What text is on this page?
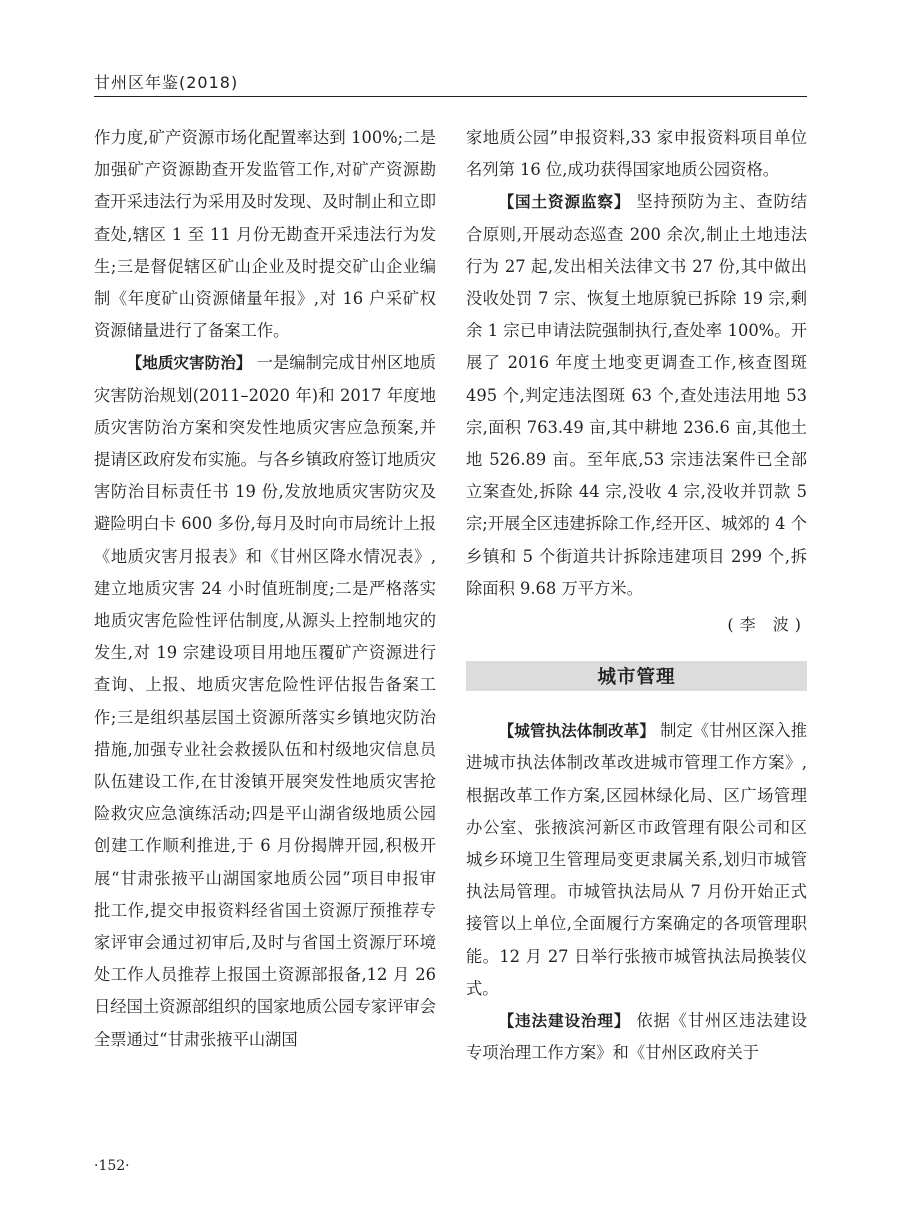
甘州区年鉴(2018)

作力度,矿产资源市场化配置率达到 100%;二是加强矿产资源勘查开发监管工作,对矿产资源勘查开采违法行为采用及时发现、及时制止和立即查处,辖区 1 至 11 月份无勘查开采违法行为发生;三是督促辖区矿山企业及时提交矿山企业编制《年度矿山资源储量年报》,对 16 户采矿权资源储量进行了备案工作。

【地质灾害防治】 一是编制完成甘州区地质灾害防治规划(2011–2020 年)和 2017 年度地质灾害防治方案和突发性地质灾害应急预案,并提请区政府发布实施。与各乡镇政府签订地质灾害防治目标责任书 19 份,发放地质灾害防灾及避险明白卡 600 多份,每月及时向市局统计上报《地质灾害月报表》和《甘州区降水情况表》,建立地质灾害 24 小时值班制度;二是严格落实地质灾害危险性评估制度,从源头上控制地灾的发生,对 19 宗建设项目用地压覆矿产资源进行查询、上报、地质灾害危险性评估报告备案工作;三是组织基层国土资源所落实乡镇地灾防治措施,加强专业社会救援队伍和村级地灾信息员队伍建设工作,在甘浚镇开展突发性地质灾害抢险救灾应急演练活动;四是平山湖省级地质公园创建工作顺利推进,于 6 月份揭牌开园,积极开展“甘肃张掖平山湖国家地质公园”项目申报审批工作,提交申报资料经省国土资源厅预推荐专家评审会通过初审后,及时与省国土资源厅环境处工作人员推荐上报国土资源部报备,12 月 26 日经国土资源部组织的国家地质公园专家评审会全票通过“甘肃张掖平山湖国

家地质公园”申报资料,33 家申报资料项目单位名列第 16 位,成功获得国家地质公园资格。

【国土资源监察】 坚持预防为主、查防结合原则,开展动态巡查 200 余次,制止土地违法行为 27 起,发出相关法律文书 27 份,其中做出没收处罚 7 宗、恢复土地原貌已拆除 19 宗,剩余 1 宗已申请法院强制执行,查处率 100%。开展了 2016 年度土地变更调查工作,核查图斑 495 个,判定违法图斑 63 个,查处违法用地 53 宗,面积 763.49 亩,其中耕地 236.6 亩,其他土地 526.89 亩。至年底,53 宗违法案件已全部立案查处,拆除 44 宗,没收 4 宗,没收并罚款 5 宗;开展全区违建拆除工作,经开区、城郊的 4 个乡镇和 5 个街道共计拆除违建项目 299 个,拆除面积 9.68 万平方米。

(李 波)

城市管理

【城管执法体制改革】 制定《甘州区深入推进城市执法体制改革改进城市管理工作方案》,根据改革工作方案,区园林绿化局、区广场管理办公室、张掖滨河新区市政管理有限公司和区城乡环境卫生管理局变更隶属关系,划归市城管执法局管理。市城管执法局从 7 月份开始正式接管以上单位,全面履行方案确定的各项管理职能。12 月 27 日举行张掖市城管执法局换装仪式。

【违法建设治理】 依据《甘州区违法建设专项治理工作方案》和《甘州区政府关于

·152·
